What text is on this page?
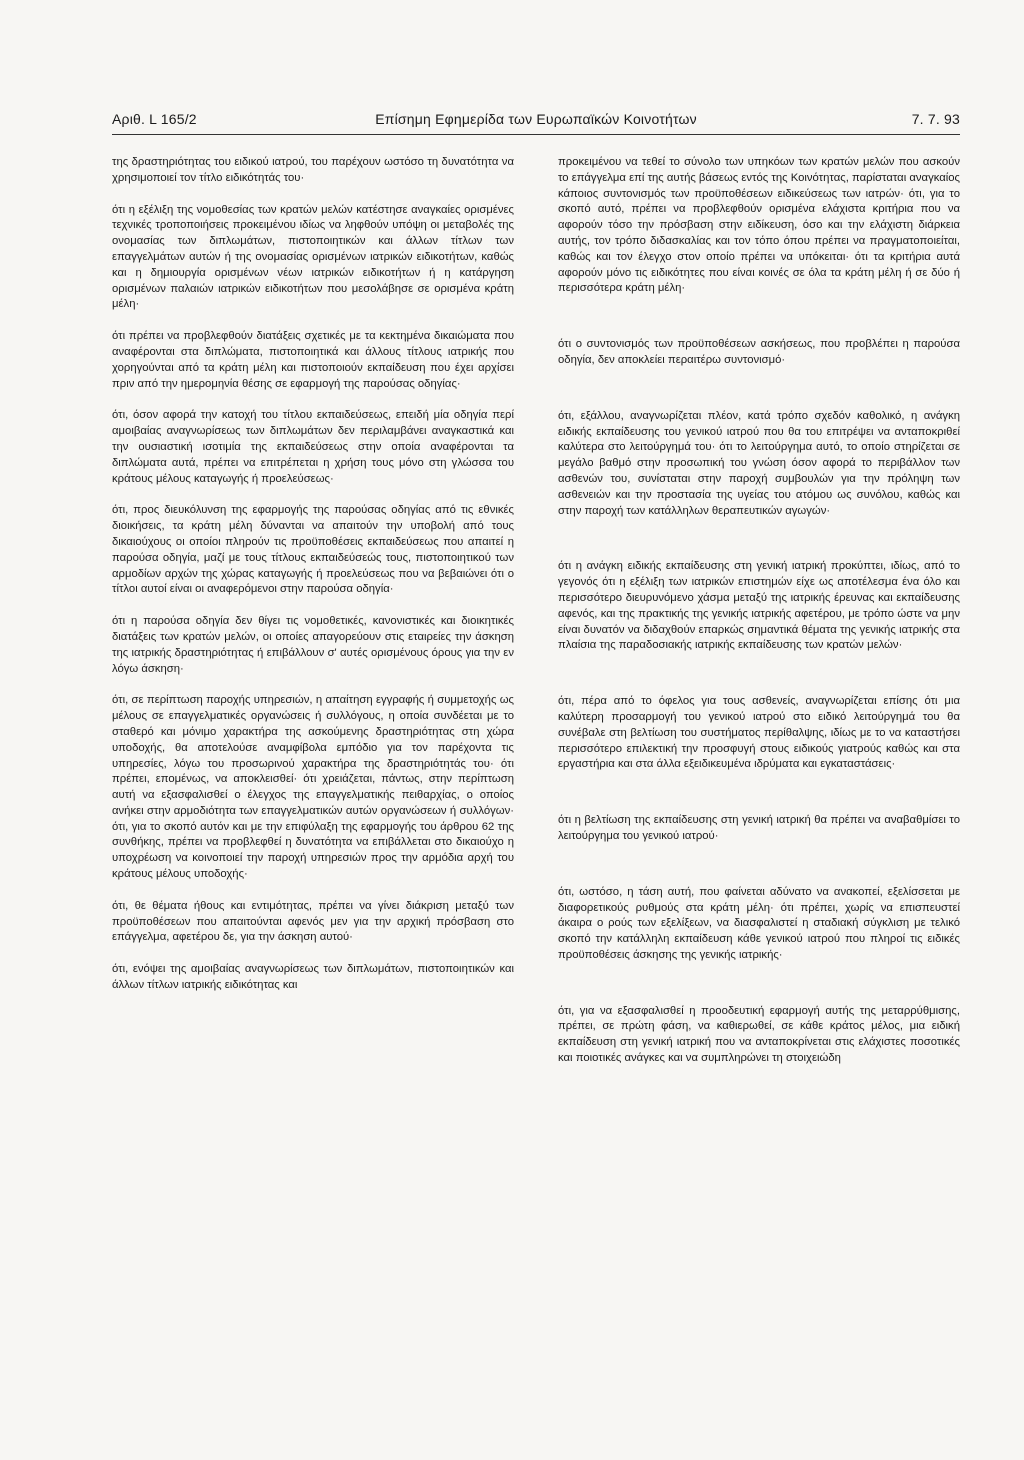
Αριθ. L 165/2	Επίσημη Εφημερίδα των Ευρωπαϊκών Κοινοτήτων	7. 7. 93

της δραστηριότητας του ειδικού ιατρού, του παρέχουν ωστόσο τη δυνατότητα να χρησιμοποιεί τον τίτλο ειδικότητάς του·

ότι η εξέλιξη της νομοθεσίας των κρατών μελών κατέστησε αναγκαίες ορισμένες τεχνικές τροποποιήσεις προκειμένου ιδίως να ληφθούν υπόψη οι μεταβολές της ονομασίας των διπλωμάτων, πιστοποιητικών και άλλων τίτλων των επαγγελμάτων αυτών ή της ονομασίας ορισμένων ιατρικών ειδικοτήτων, καθώς και η δημιουργία ορισμένων νέων ιατρικών ειδικοτήτων ή η κατάργηση ορισμένων παλαιών ιατρικών ειδικοτήτων που μεσολάβησε σε ορισμένα κράτη μέλη·

ότι πρέπει να προβλεφθούν διατάξεις σχετικές με τα κεκτημένα δικαιώματα που αναφέρονται στα διπλώματα, πιστοποιητικά και άλλους τίτλους ιατρικής που χορηγούνται από τα κράτη μέλη και πιστοποιούν εκπαίδευση που έχει αρχίσει πριν από την ημερομηνία θέσης σε εφαρμογή της παρούσας οδηγίας·

ότι, όσον αφορά την κατοχή του τίτλου εκπαιδεύσεως, επειδή μία οδηγία περί αμοιβαίας αναγνωρίσεως των διπλωμάτων δεν περιλαμβάνει αναγκαστικά και την ουσιαστική ισοτιμία της εκπαιδεύσεως στην οποία αναφέρονται τα διπλώματα αυτά, πρέπει να επιτρέπεται η χρήση τους μόνο στη γλώσσα του κράτους μέλους καταγωγής ή προελεύσεως·

ότι, προς διευκόλυνση της εφαρμογής της παρούσας οδηγίας από τις εθνικές διοικήσεις, τα κράτη μέλη δύνανται να απαιτούν την υποβολή από τους δικαιούχους οι οποίοι πληρούν τις προϋποθέσεις εκπαιδεύσεως που απαιτεί η παρούσα οδηγία, μαζί με τους τίτλους εκπαιδεύσεώς τους, πιστοποιητικού των αρμοδίων αρχών της χώρας καταγωγής ή προελεύσεως που να βεβαιώνει ότι ο τίτλοι αυτοί είναι οι αναφερόμενοι στην παρούσα οδηγία·

ότι η παρούσα οδηγία δεν θίγει τις νομοθετικές, κανονιστικές και διοικητικές διατάξεις των κρατών μελών, οι οποίες απαγορεύουν στις εταιρείες την άσκηση της ιατρικής δραστηριότητας ή επιβάλλουν σ' αυτές ορισμένους όρους για την εν λόγω άσκηση·

ότι, σε περίπτωση παροχής υπηρεσιών, η απαίτηση εγγραφής ή συμμετοχής ως μέλους σε επαγγελματικές οργανώσεις ή συλλόγους, η οποία συνδέεται με το σταθερό και μόνιμο χαρακτήρα της ασκούμενης δραστηριότητας στη χώρα υποδοχής, θα αποτελούσε αναμφίβολα εμπόδιο για τον παρέχοντα τις υπηρεσίες, λόγω του προσωρινού χαρακτήρα της δραστηριότητάς του· ότι πρέπει, επομένως, να αποκλεισθεί· ότι χρειάζεται, πάντως, στην περίπτωση αυτή να εξασφαλισθεί ο έλεγχος της επαγγελματικής πειθαρχίας, ο οποίος ανήκει στην αρμοδιότητα των επαγγελματικών αυτών οργανώσεων ή συλλόγων· ότι, για το σκοπό αυτόν και με την επιφύλαξη της εφαρμογής του άρθρου 62 της συνθήκης, πρέπει να προβλεφθεί η δυνατότητα να επιβάλλεται στο δικαιούχο η υποχρέωση να κοινοποιεί την παροχή υπηρεσιών προς την αρμόδια αρχή του κράτους μέλους υποδοχής·

ότι, θε θέματα ήθους και εντιμότητας, πρέπει να γίνει διάκριση μεταξύ των προϋποθέσεων που απαιτούνται αφενός μεν για την αρχική πρόσβαση στο επάγγελμα, αφετέρου δε, για την άσκηση αυτού·

ότι, ενόψει της αμοιβαίας αναγνωρίσεως των διπλωμάτων, πιστοποιητικών και άλλων τίτλων ιατρικής ειδικότητας και

προκειμένου να τεθεί το σύνολο των υπηκόων των κρατών μελών που ασκούν το επάγγελμα επί της αυτής βάσεως εντός της Κοινότητας, παρίσταται αναγκαίος κάποιος συντονισμός των προϋποθέσεων ειδικεύσεως των ιατρών· ότι, για το σκοπό αυτό, πρέπει να προβλεφθούν ορισμένα ελάχιστα κριτήρια που να αφορούν τόσο την πρόσβαση στην ειδίκευση, όσο και την ελάχιστη διάρκεια αυτής, τον τρόπο διδασκαλίας και τον τόπο όπου πρέπει να πραγματοποιείται, καθώς και τον έλεγχο στον οποίο πρέπει να υπόκειται· ότι τα κριτήρια αυτά αφορούν μόνο τις ειδικότητες που είναι κοινές σε όλα τα κράτη μέλη ή σε δύο ή περισσότερα κράτη μέλη·

ότι ο συντονισμός των προϋποθέσεων ασκήσεως, που προβλέπει η παρούσα οδηγία, δεν αποκλείει περαιτέρω συντονισμό·

ότι, εξάλλου, αναγνωρίζεται πλέον, κατά τρόπο σχεδόν καθολικό, η ανάγκη ειδικής εκπαίδευσης του γενικού ιατρού που θα του επιτρέψει να ανταποκριθεί καλύτερα στο λειτούργημά του· ότι το λειτούργημα αυτό, το οποίο στηρίζεται σε μεγάλο βαθμό στην προσωπική του γνώση όσον αφορά το περιβάλλον των ασθενών του, συνίσταται στην παροχή συμβουλών για την πρόληψη των ασθενειών και την προστασία της υγείας του ατόμου ως συνόλου, καθώς και στην παροχή των κατάλληλων θεραπευτικών αγωγών·

ότι η ανάγκη ειδικής εκπαίδευσης στη γενική ιατρική προκύπτει, ιδίως, από το γεγονός ότι η εξέλιξη των ιατρικών επιστημών είχε ως αποτέλεσμα ένα όλο και περισσότερο διευρυνόμενο χάσμα μεταξύ της ιατρικής έρευνας και εκπαίδευσης αφενός, και της πρακτικής της γενικής ιατρικής αφετέρου, με τρόπο ώστε να μην είναι δυνατόν να διδαχθούν επαρκώς σημαντικά θέματα της γενικής ιατρικής στα πλαίσια της παραδοσιακής ιατρικής εκπαίδευσης των κρατών μελών·

ότι, πέρα από το όφελος για τους ασθενείς, αναγνωρίζεται επίσης ότι μια καλύτερη προσαρμογή του γενικού ιατρού στο ειδικό λειτούργημά του θα συνέβαλε στη βελτίωση του συστήματος περίθαλψης, ιδίως με το να καταστήσει περισσότερο επιλεκτική την προσφυγή στους ειδικούς γιατρούς καθώς και στα εργαστήρια και στα άλλα εξειδικευμένα ιδρύματα και εγκαταστάσεις·

ότι η βελτίωση της εκπαίδευσης στη γενική ιατρική θα πρέπει να αναβαθμίσει το λειτούργημα του γενικού ιατρού·

ότι, ωστόσο, η τάση αυτή, που φαίνεται αδύνατο να ανακοπεί, εξελίσσεται με διαφορετικούς ρυθμούς στα κράτη μέλη· ότι πρέπει, χωρίς να επισπευστεί άκαιρα ο ρούς των εξελίξεων, να διασφαλιστεί η σταδιακή σύγκλιση με τελικό σκοπό την κατάλληλη εκπαίδευση κάθε γενικού ιατρού που πληροί τις ειδικές προϋποθέσεις άσκησης της γενικής ιατρικής·

ότι, για να εξασφαλισθεί η προοδευτική εφαρμογή αυτής της μεταρρύθμισης, πρέπει, σε πρώτη φάση, να καθιερωθεί, σε κάθε κράτος μέλος, μια ειδική εκπαίδευση στη γενική ιατρική που να ανταποκρίνεται στις ελάχιστες ποσοτικές και ποιοτικές ανάγκες και να συμπληρώνει τη στοιχειώδη
